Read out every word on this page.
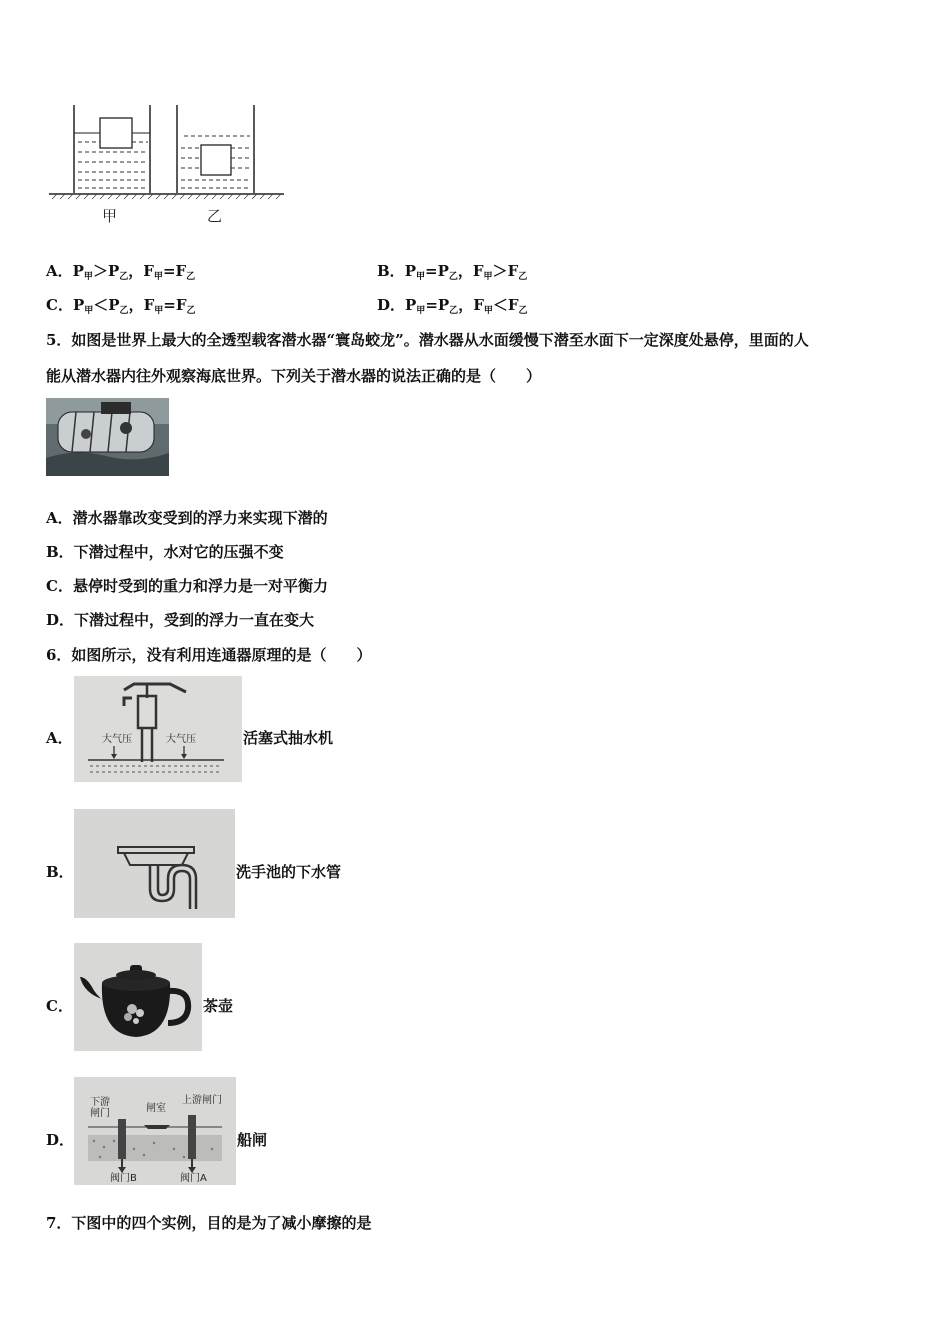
甲	乙
A．$P_甲>P_乙$，$F_甲=F_乙$	B．$P_甲=P_乙$，$F_甲>F_乙$
C．$P_甲<P_乙$，$F_甲=F_乙$	D．$P_甲=P_乙$，$F_甲<F_乙$
5．如图是世界上最大的全透型载客潜水器“寰岛蛟龙”。潜水器从水面缓慢下潜至水面下一定深度处悬停，里面的人
能从潜水器内往外观察海底世界。下列关于潜水器的说法正确的是（　　）
A．潜水器靠改变受到的浮力来实现下潜的
B．下潜过程中，水对它的压强不变
C．悬停时受到的重力和浮力是一对平衡力
D．下潜过程中，受到的浮力一直在变大
6．如图所示，没有利用连通器原理的是（　　）
A．	大气压	大气压	活塞式抽水机
B．	洗手池的下水管
C．	茶壶
D．
下游
闸门	闸室
上游闸门
阀门B	阀门A
船闸
7．下图中的四个实例，目的是为了减小摩擦的是
